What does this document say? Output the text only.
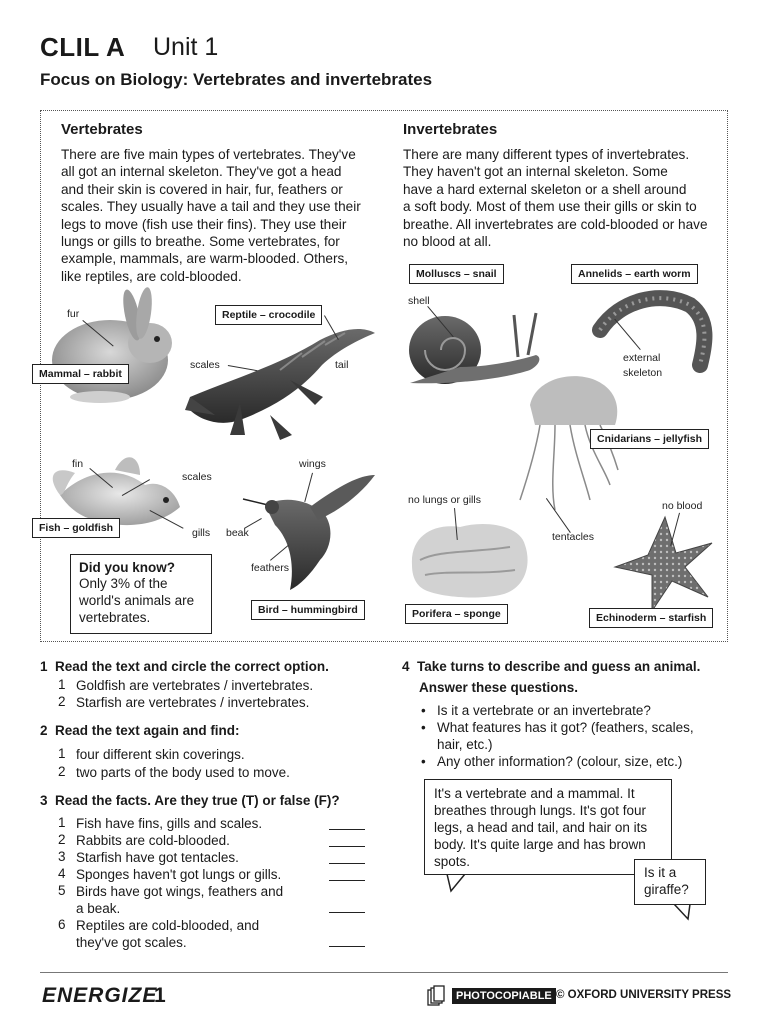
CLIL A Unit 1
Focus on Biology: Vertebrates and invertebrates
Vertebrates
There are five main types of vertebrates. They've
all got an internal skeleton. They've got a head
and their skin is covered in hair, fur, feathers or
scales. They usually have a tail and they use their
legs to move (fish use their fins). They use their
lungs or gills to breathe. Some vertebrates, for
example, mammals, are warm-blooded. Others,
like reptiles, are cold-blooded.
Invertebrates
There are many different types of invertebrates.
They haven't got an internal skeleton. Some
have a hard external skeleton or a shell around
a soft body. Most of them use their gills or skin to
breathe. All invertebrates are cold-blooded or have
no blood at all.
fur
scales	tail
fin
scales
gills
wings
beak
feathers
shell
external
skeleton
no lungs or gills
tentacles
no blood
Mammal – rabbit
Reptile – crocodile
Fish – goldfish
Bird – hummingbird
Molluscs – snail	Annelids – earth worm
Cnidarians – jellyfish
Porifera – sponge	Echinoderm – starfish
Did you know?
Only 3% of the
world's animals are
vertebrates.
1 Read the text and circle the correct option.
1 Goldfish are vertebrates / invertebrates.
2 Starfish are vertebrates / invertebrates.
2 Read the text again and find:
1 four different skin coverings.
2 two parts of the body used to move.
3 Read the facts. Are they true (T) or false (F)?
1 Fish have fins, gills and scales.
2 Rabbits are cold-blooded.
3 Starfish have got tentacles.
4 Sponges haven't got lungs or gills.
5 Birds have got wings, feathers and
a beak.
6 Reptiles are cold-blooded, and
they've got scales.
4 Take turns to describe and guess an animal.
Answer these questions.
• Is it a vertebrate or an invertebrate?
• What features has it got? (feathers, scales,
hair, etc.)
• Any other information? (colour, size, etc.)
It's a vertebrate and a mammal. It
breathes through lungs. It's got four
legs, a head and tail, and hair on its
body. It's quite large and has brown
spots.
Is it a
giraffe?
ENERGIZE
1	PHOTOCOPIABLE © OXFORD UNIVERSITY PRESS
